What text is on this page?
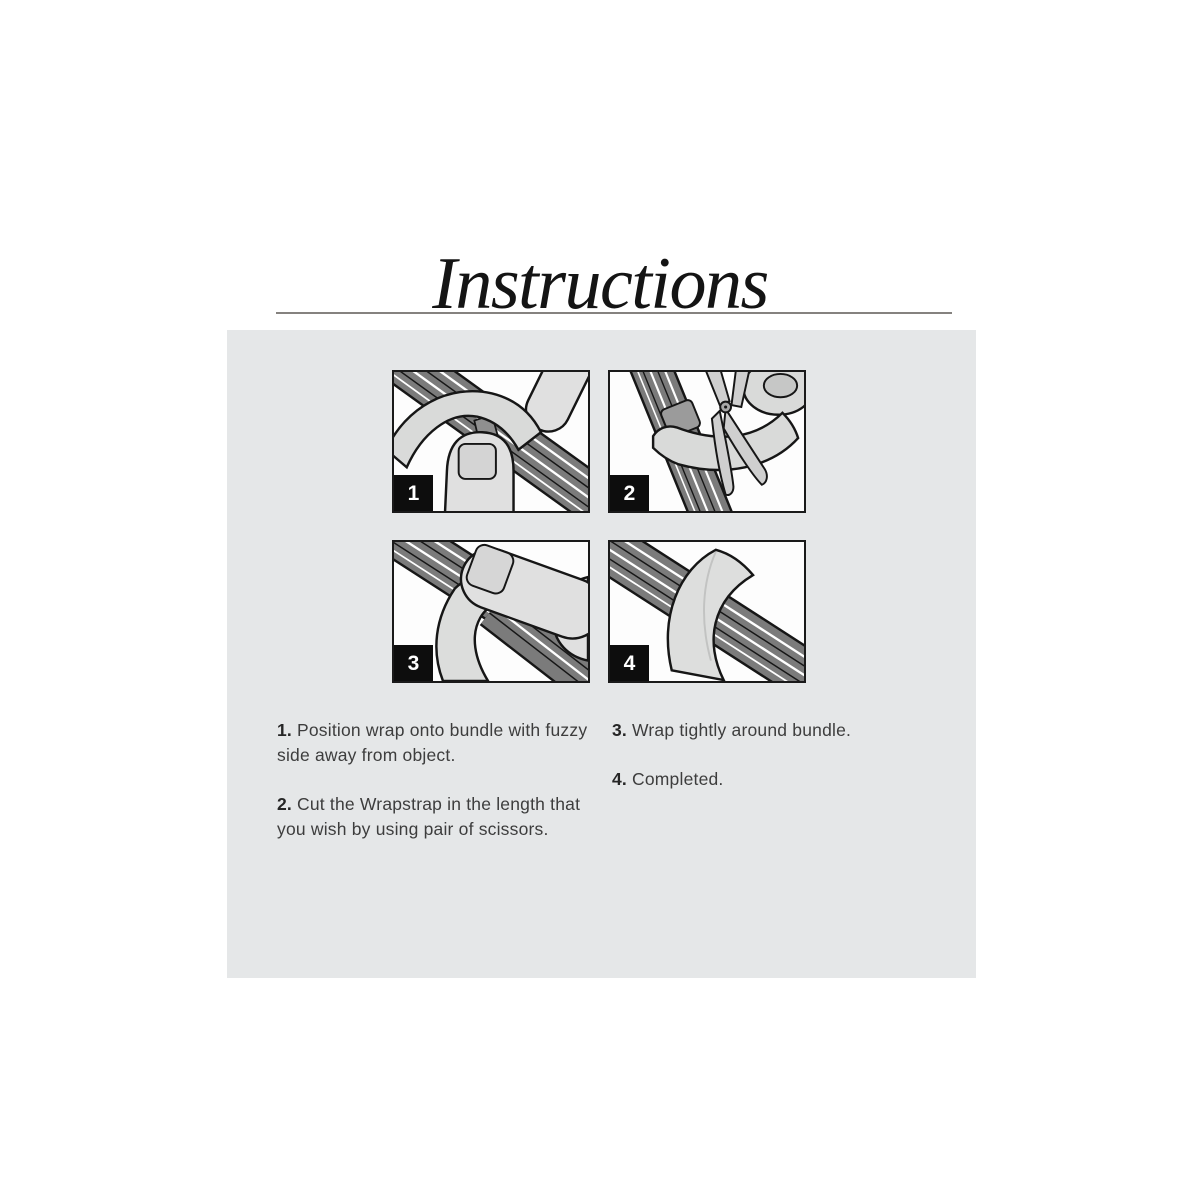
Instructions
1	2
3	4

1. Position wrap onto bundle with fuzzy side away from object.

2. Cut the Wrapstrap in the length that you wish by using pair of scissors.

3. Wrap tightly around bundle.

4. Completed.
